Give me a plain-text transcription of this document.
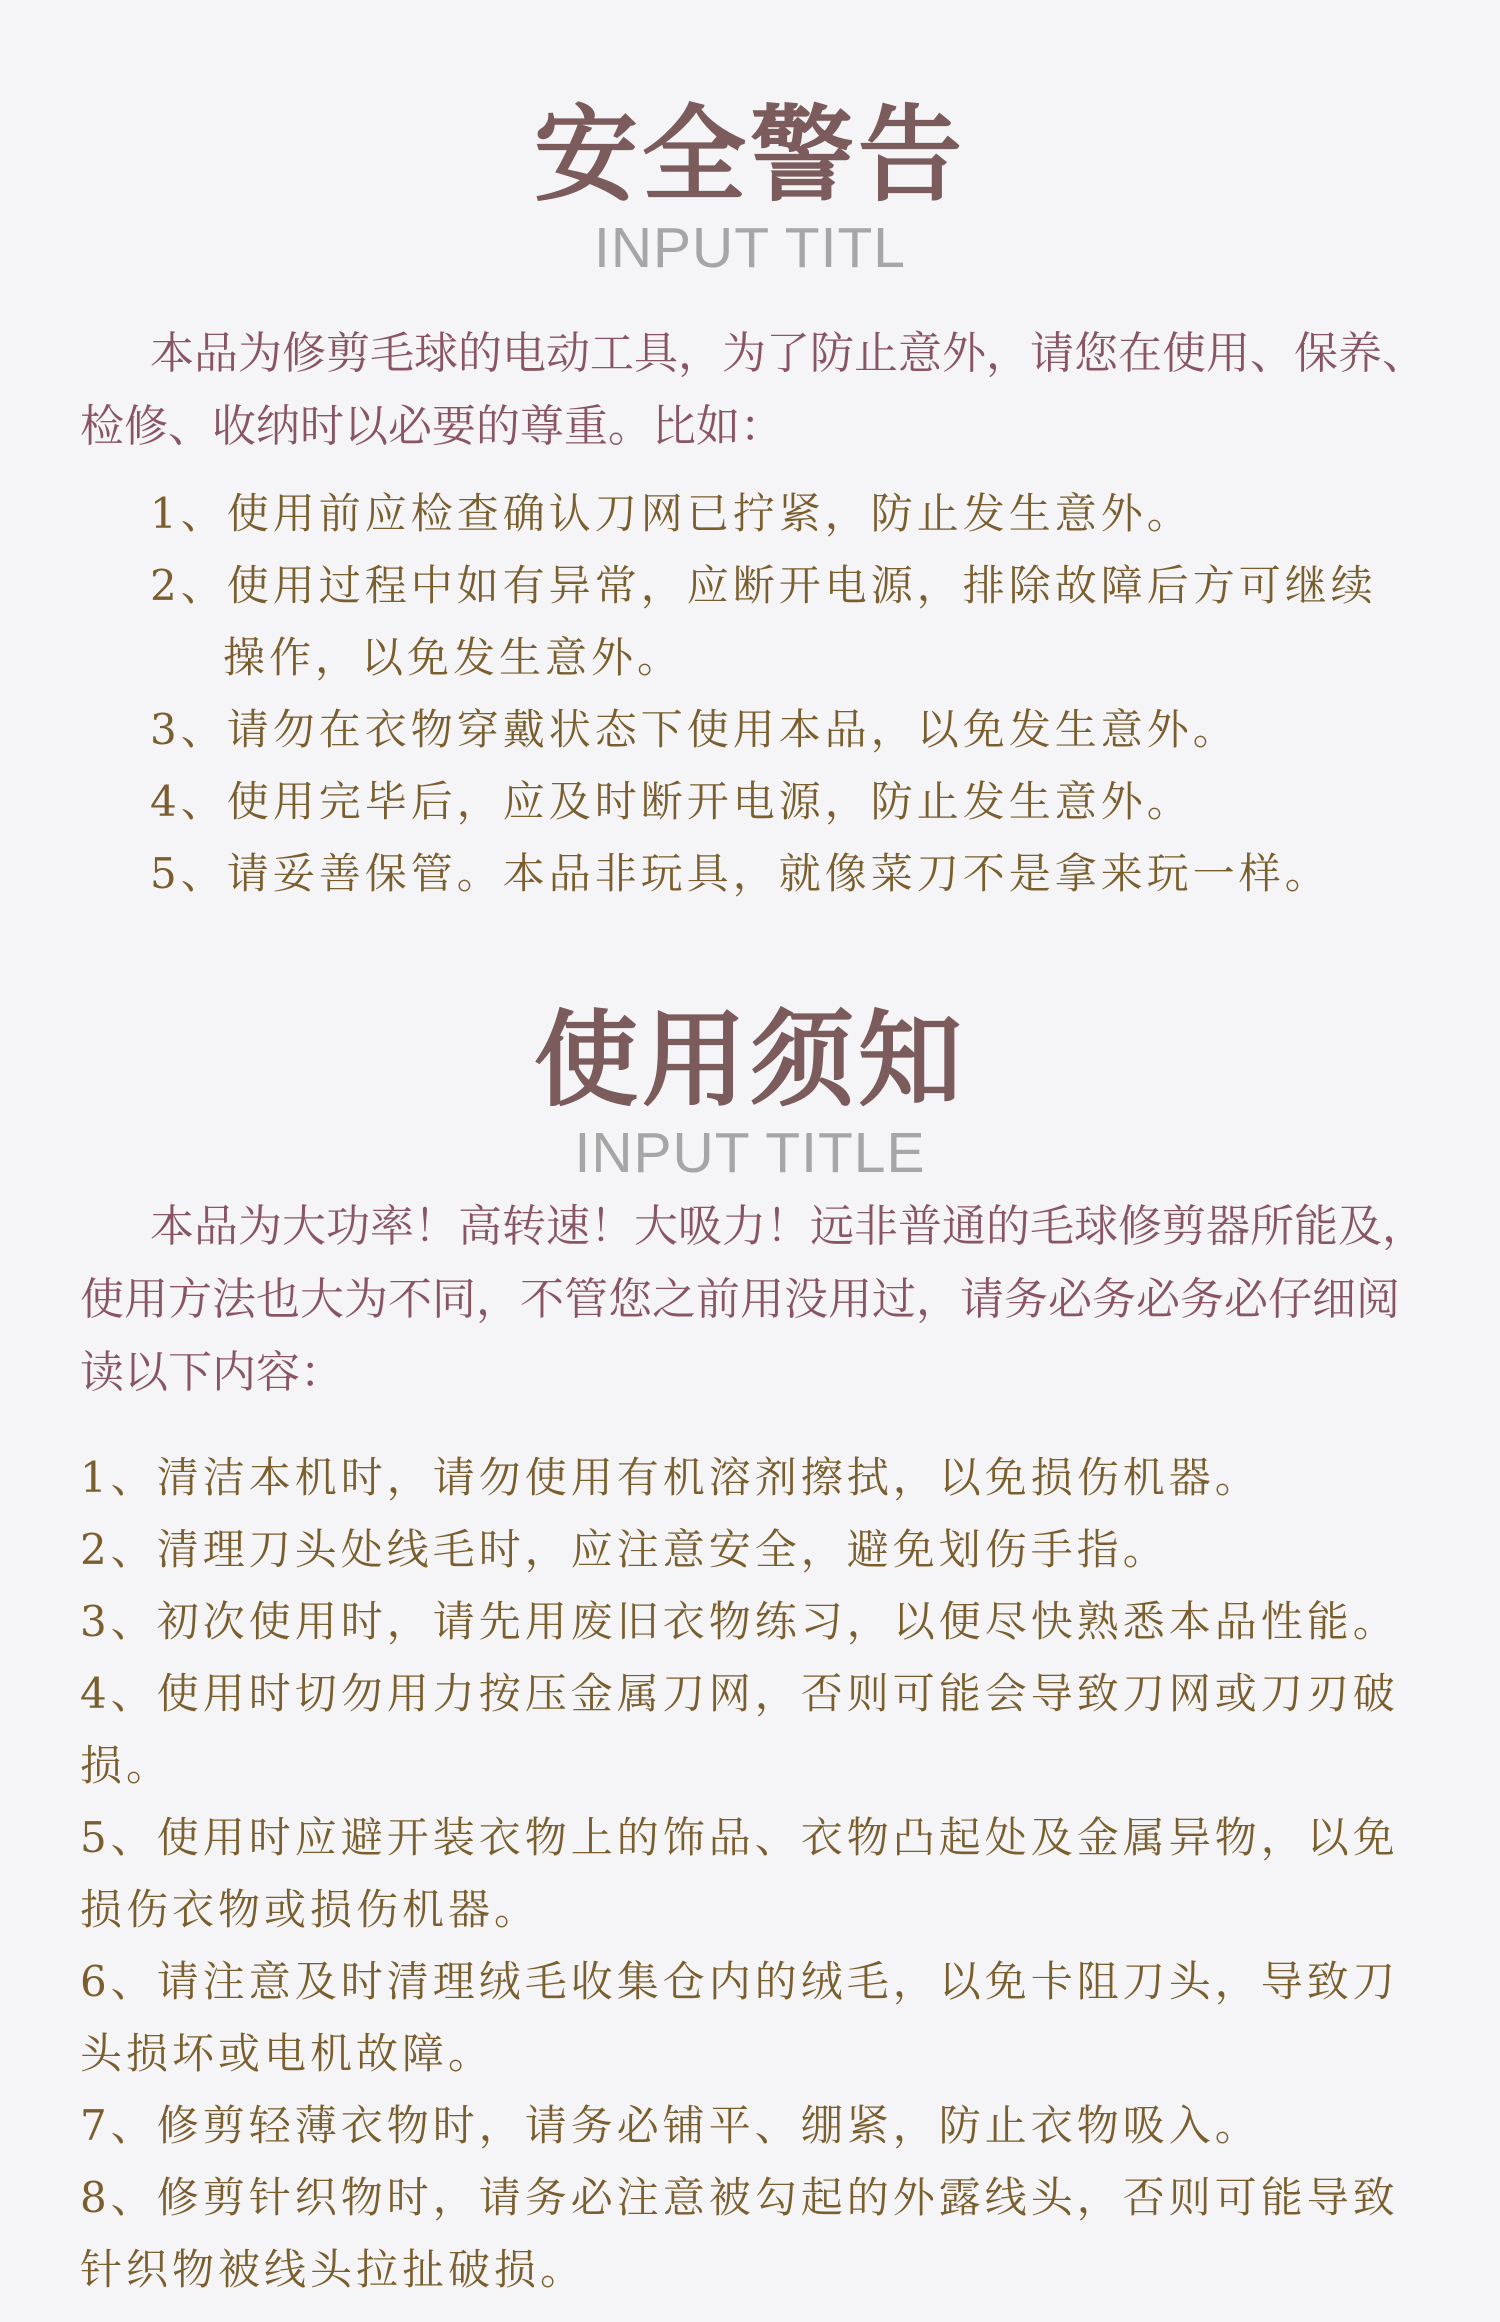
安全警告
INPUT TITL

本品为修剪毛球的电动工具，为了防止意外，请您在使用、保养、检修、收纳时以必要的尊重。比如：

1、使用前应检查确认刀网已拧紧，防止发生意外。
2、使用过程中如有异常，应断开电源，排除故障后方可继续操作，以免发生意外。
3、请勿在衣物穿戴状态下使用本品，以免发生意外。
4、使用完毕后，应及时断开电源，防止发生意外。
5、请妥善保管。本品非玩具，就像菜刀不是拿来玩一样。
使用须知
INPUT TITLE

本品为大功率！高转速！大吸力！远非普通的毛球修剪器所能及，使用方法也大为不同，不管您之前用没用过，请务必务必务必仔细阅读以下内容：

1、清洁本机时，请勿使用有机溶剂擦拭，以免损伤机器。
2、清理刀头处线毛时，应注意安全，避免划伤手指。
3、初次使用时，请先用废旧衣物练习，以便尽快熟悉本品性能。
4、使用时切勿用力按压金属刀网，否则可能会导致刀网或刀刃破损。
5、使用时应避开装衣物上的饰品、衣物凸起处及金属异物，以免损伤衣物或损伤机器。
6、请注意及时清理绒毛收集仓内的绒毛，以免卡阻刀头，导致刀头损坏或电机故障。
7、修剪轻薄衣物时，请务必铺平、绷紧，防止衣物吸入。
8、修剪针织物时，请务必注意被勾起的外露线头，否则可能导致针织物被线头拉扯破损。
